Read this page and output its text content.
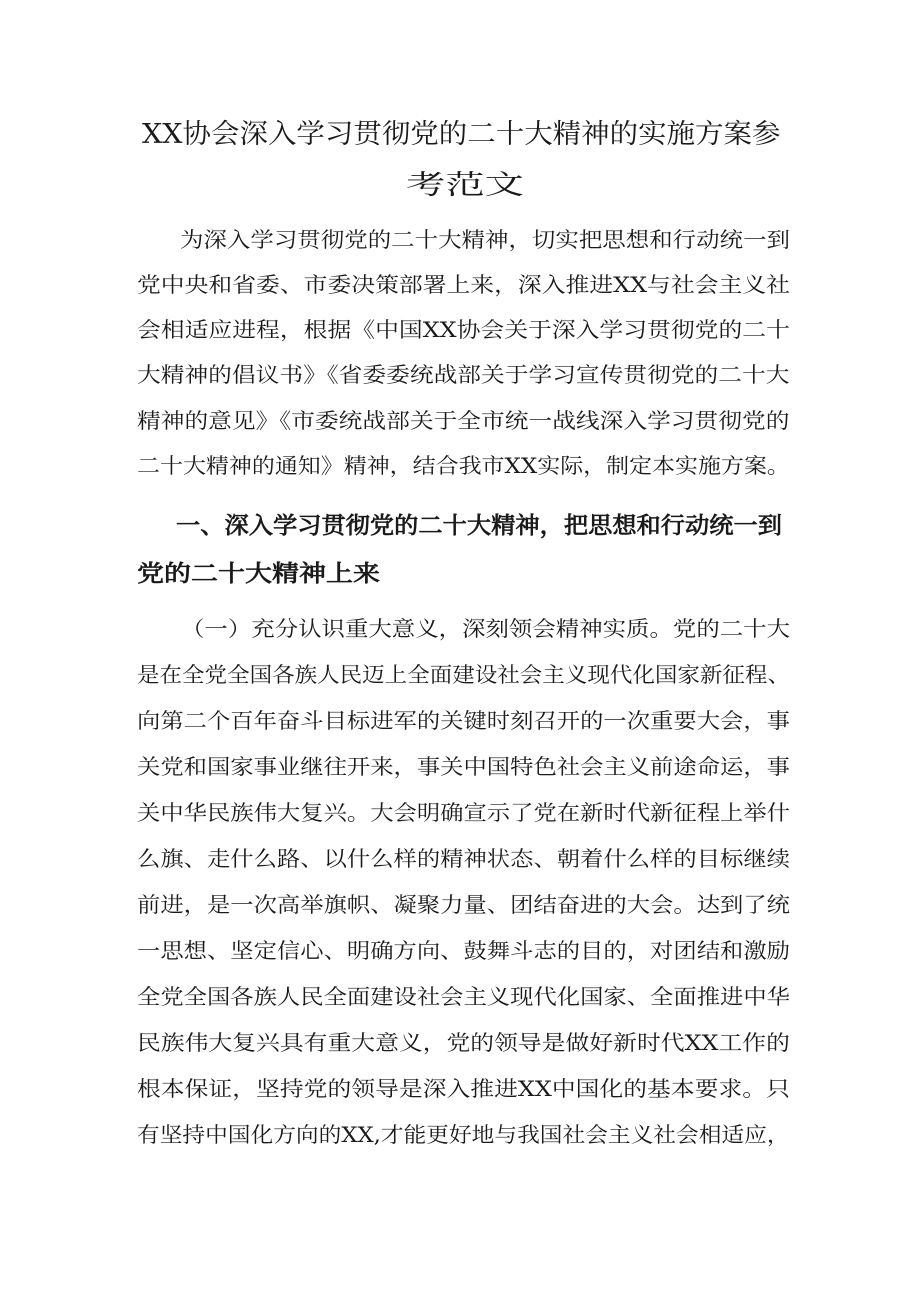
XX协会深入学习贯彻党的二十大精神的实施方案参
考范文
为深入学习贯彻党的二十大精神，切实把思想和行动统一到
党中央和省委、市委决策部署上来，深入推进XX与社会主义社
会相适应进程，根据《中国XX协会关于深入学习贯彻党的二十
大精神的倡议书》《省委委统战部关于学习宣传贯彻党的二十大
精神的意见》《市委统战部关于全市统一战线深入学习贯彻党的
二十大精神的通知》精神，结合我市XX实际，制定本实施方案。
一、深入学习贯彻党的二十大精神，把思想和行动统一到
党的二十大精神上来
（一）充分认识重大意义，深刻领会精神实质。党的二十大
是在全党全国各族人民迈上全面建设社会主义现代化国家新征程、
向第二个百年奋斗目标进军的关键时刻召开的一次重要大会，事
关党和国家事业继往开来，事关中国特色社会主义前途命运，事
关中华民族伟大复兴。大会明确宣示了党在新时代新征程上举什
么旗、走什么路、以什么样的精神状态、朝着什么样的目标继续
前进，是一次高举旗帜、凝聚力量、团结奋进的大会。达到了统
一思想、坚定信心、明确方向、鼓舞斗志的目的，对团结和激励
全党全国各族人民全面建设社会主义现代化国家、全面推进中华
民族伟大复兴具有重大意义，党的领导是做好新时代XX工作的
根本保证，坚持党的领导是深入推进XX中国化的基本要求。只
有坚持中国化方向的XX,才能更好地与我国社会主义社会相适应，
